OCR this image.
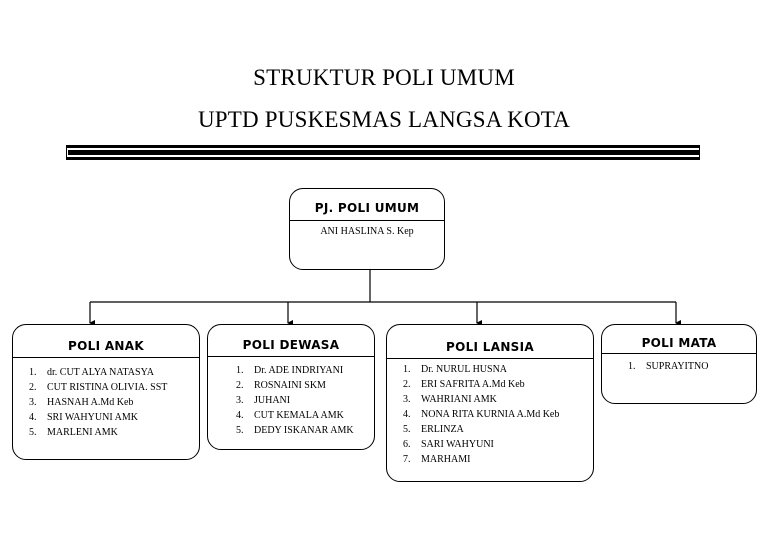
STRUKTUR POLI UMUM
UPTD PUSKESMAS LANGSA KOTA
PJ. POLI UMUM
ANI HASLINA S. Kep
POLI ANAK
1. dr. CUT ALYA NATASYA
2. CUT RISTINA OLIVIA. SST
3. HASNAH A.Md Keb
4. SRI WAHYUNI AMK
5. MARLENI AMK
POLI DEWASA
1. Dr. ADE INDRIYANI
2. ROSNAINI SKM
3. JUHANI
4. CUT KEMALA AMK
5. DEDY ISKANAR AMK
POLI LANSIA
1. Dr. NURUL HUSNA
2. ERI SAFRITA A.Md Keb
3. WAHRIANI AMK
4. NONA RITA KURNIA A.Md Keb
5. ERLINZA
6. SARI WAHYUNI
7. MARHAMI
POLI MATA
1. SUPRAYITNO
